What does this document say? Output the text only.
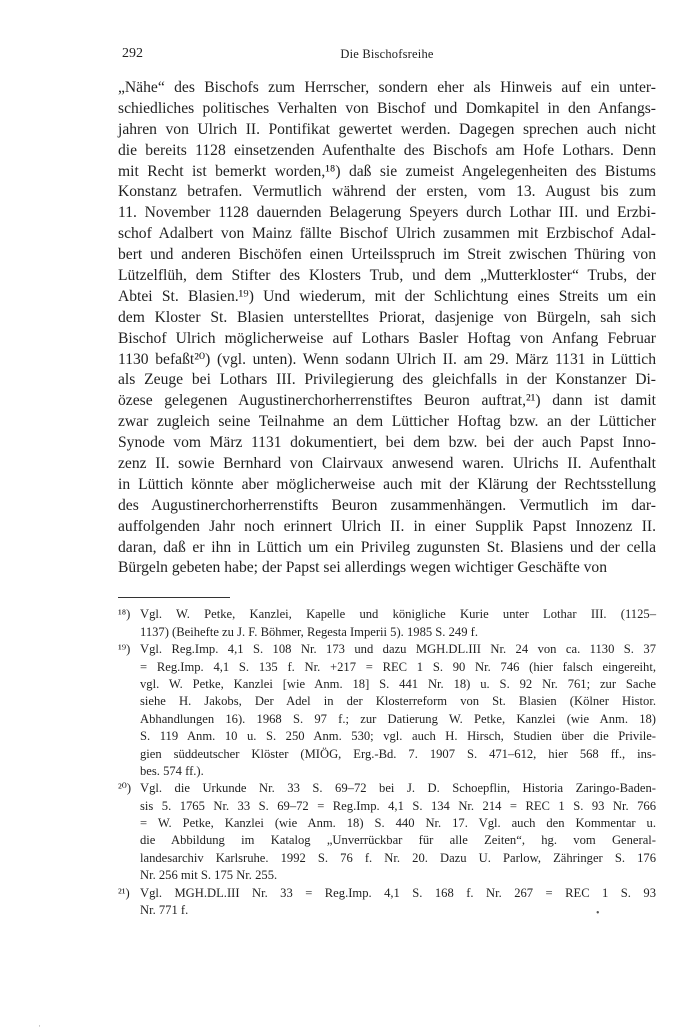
292	Die Bischofsreihe
„Nähe“ des Bischofs zum Herrscher, sondern eher als Hinweis auf ein unter-
schiedliches politisches Verhalten von Bischof und Domkapitel in den Anfangs-
jahren von Ulrich II. Pontifikat gewertet werden. Dagegen sprechen auch nicht
die bereits 1128 einsetzenden Aufenthalte des Bischofs am Hofe Lothars. Denn
mit Recht ist bemerkt worden,¹⁸) daß sie zumeist Angelegenheiten des Bistums
Konstanz betrafen. Vermutlich während der ersten, vom 13. August bis zum
11. November 1128 dauernden Belagerung Speyers durch Lothar III. und Erzbi-
schof Adalbert von Mainz fällte Bischof Ulrich zusammen mit Erzbischof Adal-
bert und anderen Bischöfen einen Urteilsspruch im Streit zwischen Thüring von
Lützelflüh, dem Stifter des Klosters Trub, und dem „Mutterkloster“ Trubs, der
Abtei St. Blasien.¹⁹) Und wiederum, mit der Schlichtung eines Streits um ein
dem Kloster St. Blasien unterstelltes Priorat, dasjenige von Bürgeln, sah sich
Bischof Ulrich möglicherweise auf Lothars Basler Hoftag von Anfang Februar
1130 befaßt²⁰) (vgl. unten). Wenn sodann Ulrich II. am 29. März 1131 in Lüttich
als Zeuge bei Lothars III. Privilegierung des gleichfalls in der Konstanzer Di-
özese gelegenen Augustinerchorherrenstiftes Beuron auftrat,²¹) dann ist damit
zwar zugleich seine Teilnahme an dem Lütticher Hoftag bzw. an der Lütticher
Synode vom März 1131 dokumentiert, bei dem bzw. bei der auch Papst Inno-
zenz II. sowie Bernhard von Clairvaux anwesend waren. Ulrichs II. Aufenthalt
in Lüttich könnte aber möglicherweise auch mit der Klärung der Rechtsstellung
des Augustinerchorherrenstifts Beuron zusammenhängen. Vermutlich im dar-
auffolgenden Jahr noch erinnert Ulrich II. in einer Supplik Papst Innozenz II.
daran, daß er ihn in Lüttich um ein Privileg zugunsten St. Blasiens und der cella
Bürgeln gebeten habe; der Papst sei allerdings wegen wichtiger Geschäfte von
¹⁸) Vgl. W. Petke, Kanzlei, Kapelle und königliche Kurie unter Lothar III. (1125–
1137) (Beihefte zu J. F. Böhmer, Regesta Imperii 5). 1985 S. 249 f.
¹⁹) Vgl. Reg.Imp. 4,1 S. 108 Nr. 173 und dazu MGH.DL.III Nr. 24 von ca. 1130 S. 37
= Reg.Imp. 4,1 S. 135 f. Nr. +217 = REC 1 S. 90 Nr. 746 (hier falsch eingereiht,
vgl. W. Petke, Kanzlei [wie Anm. 18] S. 441 Nr. 18) u. S. 92 Nr. 761; zur Sache
siehe H. Jakobs, Der Adel in der Klosterreform von St. Blasien (Kölner Histor.
Abhandlungen 16). 1968 S. 97 f.; zur Datierung W. Petke, Kanzlei (wie Anm. 18)
S. 119 Anm. 10 u. S. 250 Anm. 530; vgl. auch H. Hirsch, Studien über die Privile-
gien süddeutscher Klöster (MIÖG, Erg.-Bd. 7. 1907 S. 471–612, hier 568 ff., ins-
bes. 574 ff.).
²⁰) Vgl. die Urkunde Nr. 33 S. 69–72 bei J. D. Schoepflin, Historia Zaringo-Baden-
sis 5. 1765 Nr. 33 S. 69–72 = Reg.Imp. 4,1 S. 134 Nr. 214 = REC 1 S. 93 Nr. 766
= W. Petke, Kanzlei (wie Anm. 18) S. 440 Nr. 17. Vgl. auch den Kommentar u.
die Abbildung im Katalog „Unverrückbar für alle Zeiten“, hg. vom General-
landesarchiv Karlsruhe. 1992 S. 76 f. Nr. 20. Dazu U. Parlow, Zähringer S. 176
Nr. 256 mit S. 175 Nr. 255.
²¹) Vgl. MGH.DL.III Nr. 33 = Reg.Imp. 4,1 S. 168 f. Nr. 267 = REC 1 S. 93
Nr. 771 f.	•
·
